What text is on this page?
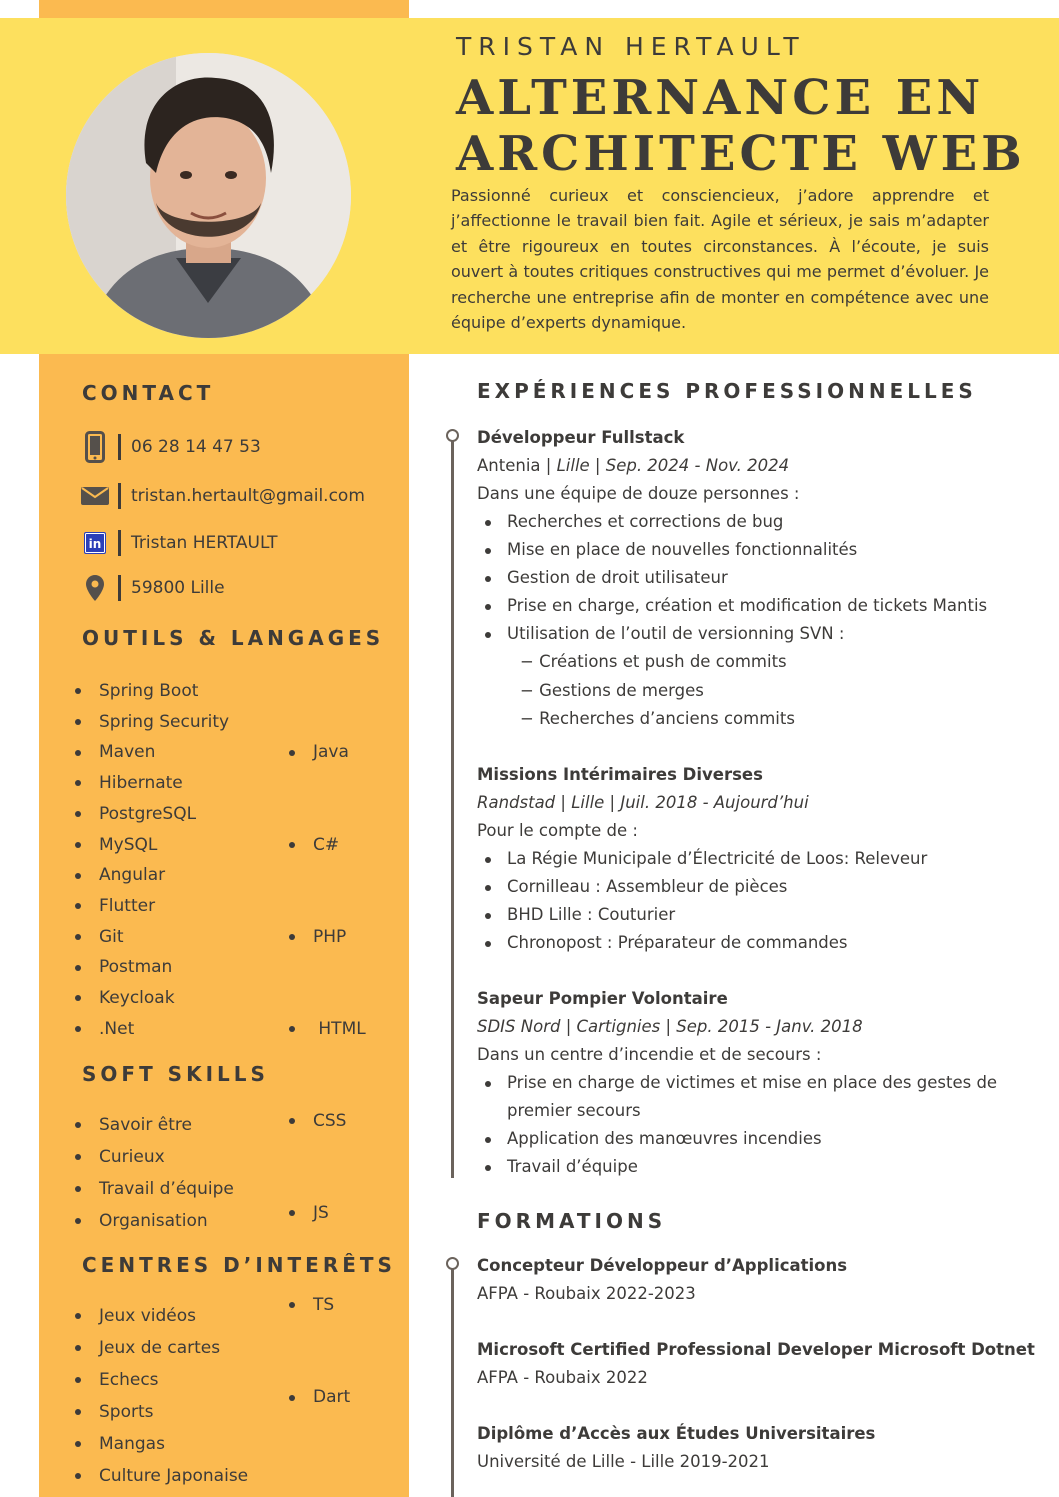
TRISTAN HERTAULT
ALTERNANCE EN
ARCHITECTE WEB
Passionné curieux et consciencieux, j’adore apprendre et j’affectionne le travail bien fait. Agile et sérieux, je sais m’adapter et être rigoureux en toutes circonstances. À l’écoute, je suis ouvert à toutes critiques constructives qui me permet d’évoluer. Je recherche une entreprise afin de monter en compétence avec une équipe d’experts dynamique.
CONTACT
06 28 14 47 53
tristan.hertault@gmail.com
in Tristan HERTAULT
59800 Lille
OUTILS & LANGAGES
Spring Boot
Spring Security
Maven
Hibernate
PostgreSQL
MySQL
Angular
Flutter
Git
Postman
Keycloak
.Net

Java

C#

PHP

HTML

CSS

JS

TS

Dart

SOFT SKILLS
Savoir être
Curieux
Travail d’équipe
Organisation
CENTRES D’INTERÊTS
Jeux vidéos
Jeux de cartes
Echecs
Sports
Mangas
Culture Japonaise
EXPÉRIENCES PROFESSIONNELLES
Développeur Fullstack
Antenia | Lille | Sep. 2024 - Nov. 2024
Dans une équipe de douze personnes :
Recherches et corrections de bug
Mise en place de nouvelles fonctionnalités
Gestion de droit utilisateur
Prise en charge, création et modification de tickets Mantis
Utilisation de l’outil de versionning SVN :
− Créations et push de commits
− Gestions de merges
− Recherches d’anciens commits
Missions Intérimaires Diverses
Randstad | Lille | Juil. 2018 - Aujourd’hui
Pour le compte de :
La Régie Municipale d’Électricité de Loos: Releveur
Cornilleau : Assembleur de pièces
BHD Lille : Couturier
Chronopost : Préparateur de commandes
Sapeur Pompier Volontaire
SDIS Nord | Cartignies | Sep. 2015 - Janv. 2018
Dans un centre d’incendie et de secours :
Prise en charge de victimes et mise en place des gestes de premier secours
Application des manœuvres incendies
Travail d’équipe
FORMATIONS
Concepteur Développeur d’Applications
AFPA - Roubaix 2022-2023
Microsoft Certified Professional Developer Microsoft Dotnet
AFPA - Roubaix 2022
Diplôme d’Accès aux Études Universitaires
Université de Lille - Lille 2019-2021
